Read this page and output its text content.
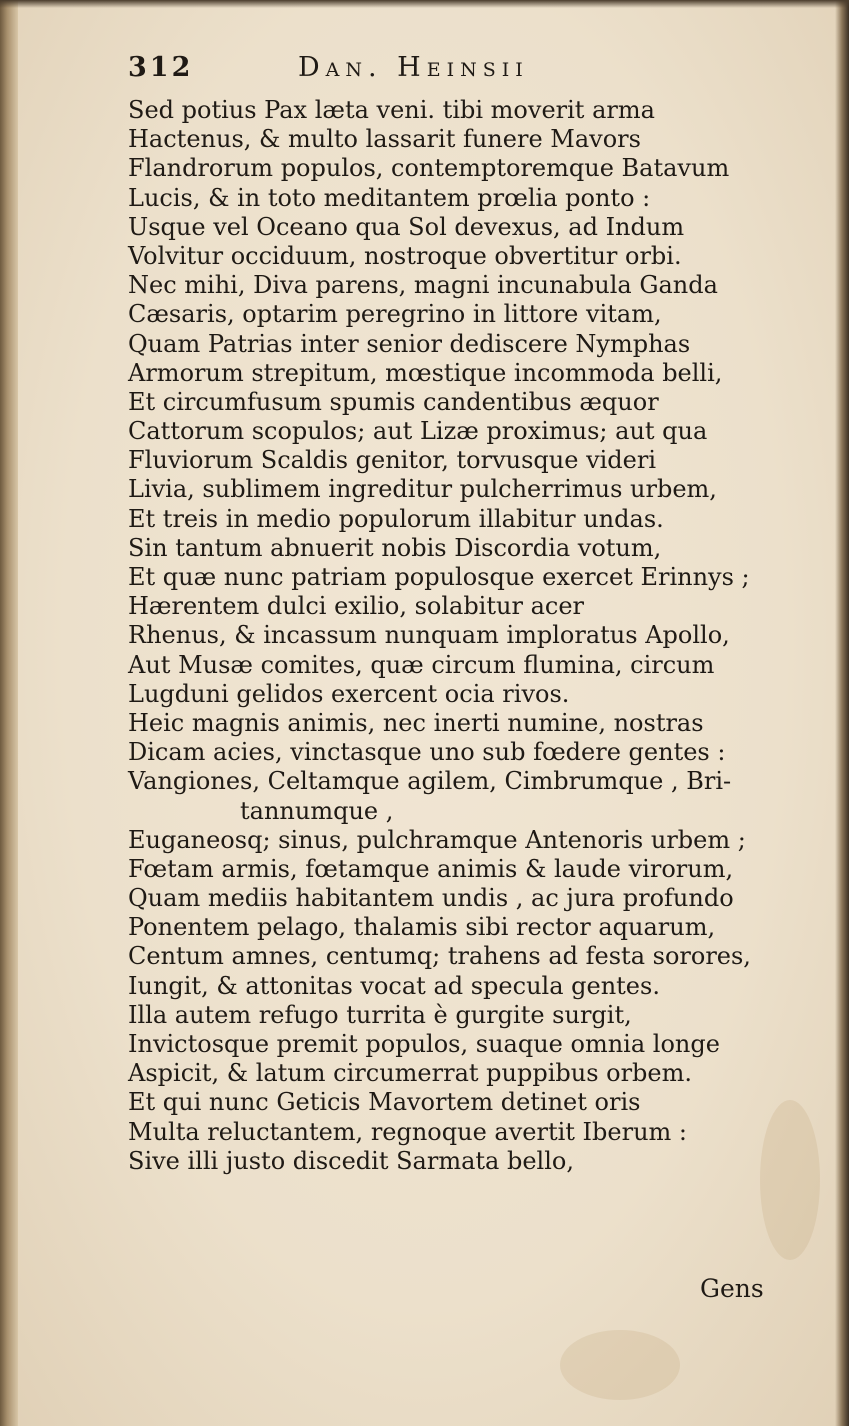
312	Dan. Heinsii
Sed potius Pax læta veni. tibi moverit arma
Hactenus, & multo lassarit funere Mavors
Flandrorum populos, contemptoremque Batavum
Lucis, & in toto meditantem prœlia ponto :
Usque vel Oceano qua Sol devexus, ad Indum
Volvitur occiduum, nostroque obvertitur orbi.
Nec mihi, Diva parens, magni incunabula Ganda
Cæsaris, optarim peregrino in littore vitam,
Quam Patrias inter senior dediscere Nymphas
Armorum strepitum, mœstique incommoda belli,
Et circumfusum spumis candentibus æquor
Cattorum scopulos; aut Lizæ proximus; aut qua
Fluviorum Scaldis genitor, torvusque videri
Livia, sublimem ingreditur pulcherrimus urbem,
Et treis in medio populorum illabitur undas.
Sin tantum abnuerit nobis Discordia votum,
Et quæ nunc patriam populosque exercet Erinnys ;
Hærentem dulci exilio, solabitur acer
Rhenus, & incassum nunquam imploratus Apollo,
Aut Musæ comites, quæ circum flumina, circum
Lugduni gelidos exercent ocia rivos.
Heic magnis animis, nec inerti numine, nostras
Dicam acies, vinctasque uno sub fœdere gentes :
Vangiones, Celtamque agilem, Cimbrumque , Bri-
tannumque ,
Euganeosq; sinus, pulchramque Antenoris urbem ;
Fœtam armis, fœtamque animis & laude virorum,
Quam mediis habitantem undis , ac jura profundo
Ponentem pelago, thalamis sibi rector aquarum,
Centum amnes, centumq; trahens ad festa sorores,
Iungit, & attonitas vocat ad specula gentes.
Illa autem refugo turrita è gurgite surgit,
Invictosque premit populos, suaque omnia longe
Aspicit, & latum circumerrat puppibus orbem.
Et qui nunc Geticis Mavortem detinet oris
Multa reluctantem, regnoque avertit Iberum :
Sive illi justo discedit Sarmata bello,
Gens
